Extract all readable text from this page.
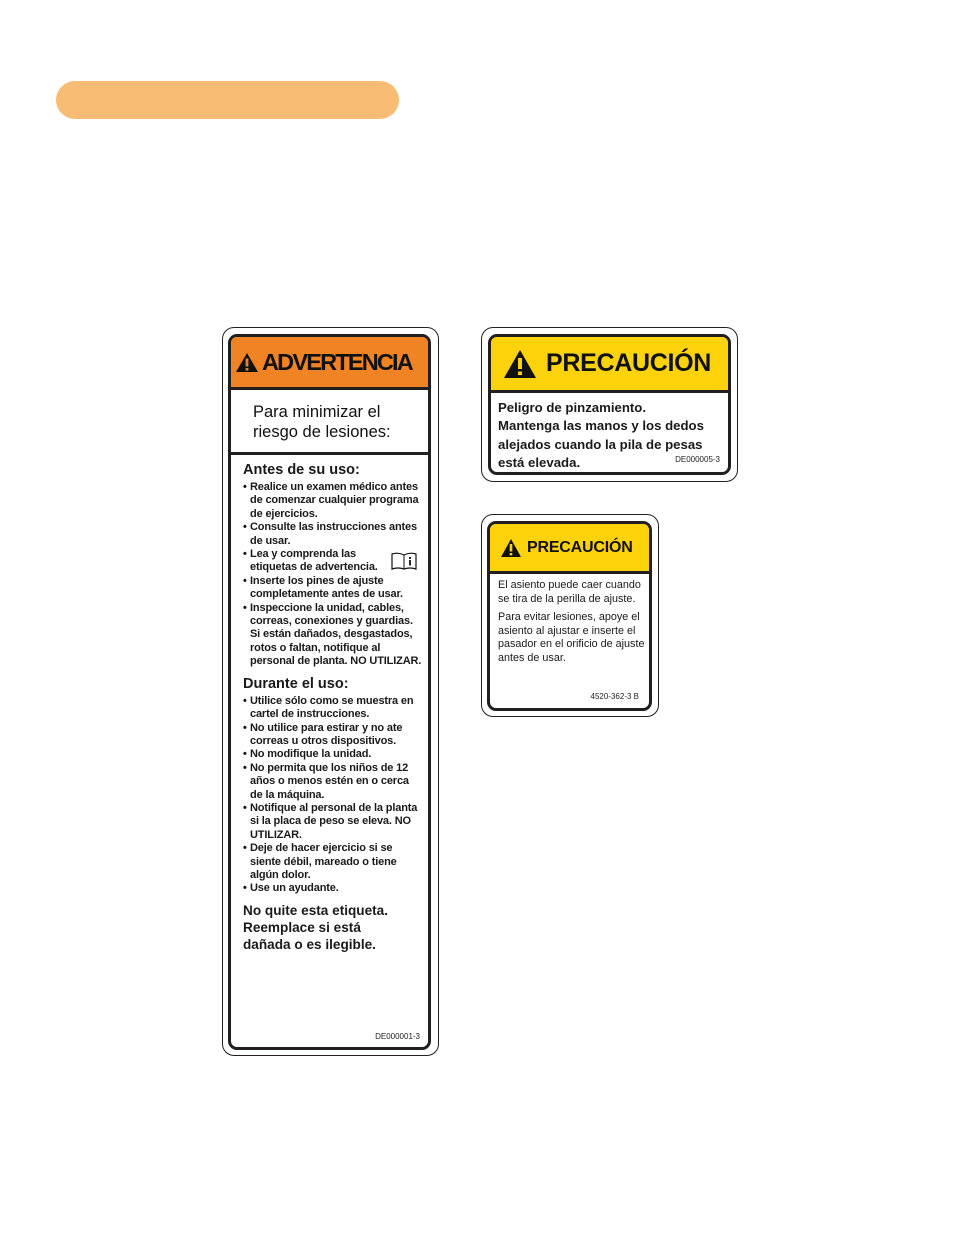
ADVERTENCIA
Para minimizar el
riesgo de lesiones:
Antes de su uso:
• Realice un examen médico antes de comenzar cualquier programa de ejercicios.
• Consulte las instrucciones antes de usar.
• Lea y comprenda las etiquetas de advertencia.
• Inserte los pines de ajuste completamente antes de usar.
• Inspeccione la unidad, cables, correas, conexiones y guardias. Si están dañados, desgastados, rotos o faltan, notifique al personal de planta. NO UTILIZAR.
Durante el uso:
• Utilice sólo como se muestra en cartel de instrucciones.
• No utilice para estirar y no ate correas u otros dispositivos.
• No modifique la unidad.
• No permita que los niños de 12 años o menos estén en o cerca de la máquina.
• Notifique al personal de la planta si la placa de peso se eleva. NO UTILIZAR.
• Deje de hacer ejercicio si se siente débil, mareado o tiene algún dolor.
• Use un ayudante.
No quite esta etiqueta.
Reemplace si está
dañada o es ilegible.
DE000001-3
PRECAUCIÓN
Peligro de pinzamiento.
Mantenga las manos y los dedos
alejados cuando la pila de pesas
está elevada.	DE000005-3
PRECAUCIÓN

El asiento puede caer cuando se tira de la perilla de ajuste.

Para evitar lesiones, apoye el asiento al ajustar e inserte el pasador en el orificio de ajuste antes de usar.

4520-362-3 B
